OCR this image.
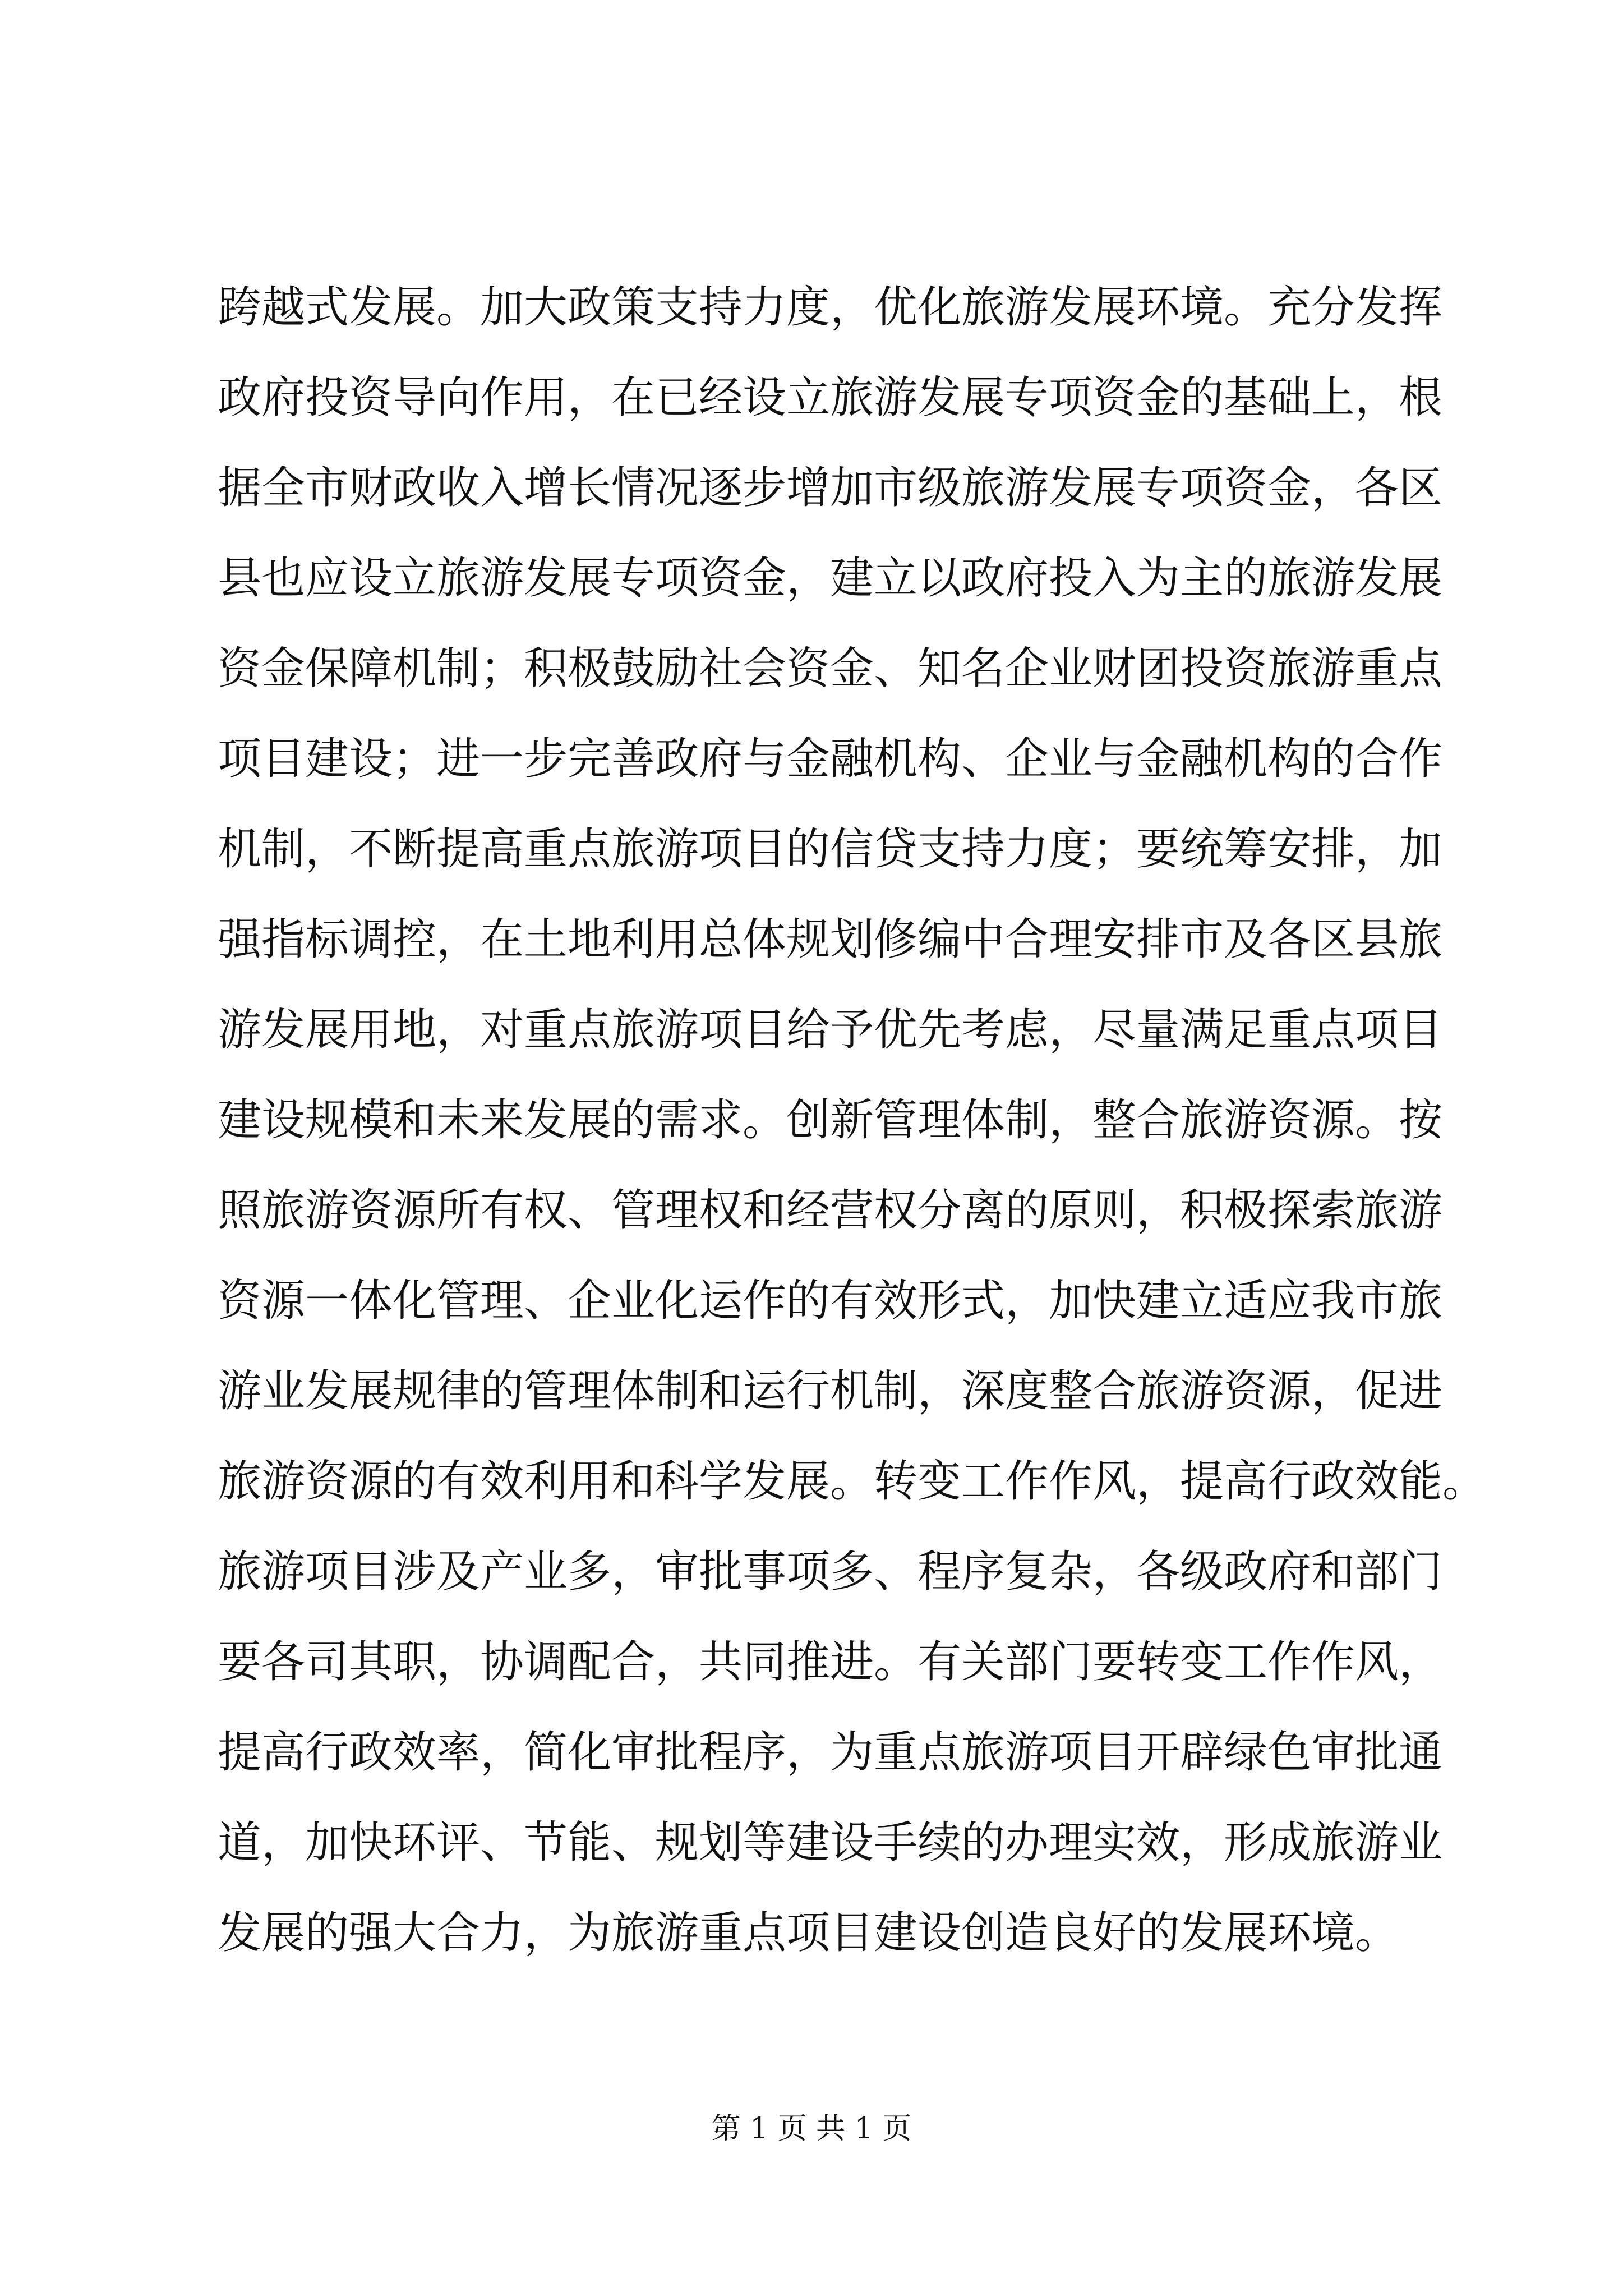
跨越式发展。加大政策支持力度，优化旅游发展环境。充分发挥
政府投资导向作用，在已经设立旅游发展专项资金的基础上，根
据全市财政收入增长情况逐步增加市级旅游发展专项资金，各区
县也应设立旅游发展专项资金，建立以政府投入为主的旅游发展
资金保障机制；积极鼓励社会资金、知名企业财团投资旅游重点
项目建设；进一步完善政府与金融机构、企业与金融机构的合作
机制，不断提高重点旅游项目的信贷支持力度；要统筹安排，加
强指标调控，在土地利用总体规划修编中合理安排市及各区县旅
游发展用地，对重点旅游项目给予优先考虑，尽量满足重点项目
建设规模和未来发展的需求。创新管理体制，整合旅游资源。按
照旅游资源所有权、管理权和经营权分离的原则，积极探索旅游
资源一体化管理、企业化运作的有效形式，加快建立适应我市旅
游业发展规律的管理体制和运行机制，深度整合旅游资源，促进
旅游资源的有效利用和科学发展。转变工作作风，提高行政效能。
旅游项目涉及产业多，审批事项多、程序复杂，各级政府和部门
要各司其职，协调配合，共同推进。有关部门要转变工作作风，
提高行政效率，简化审批程序，为重点旅游项目开辟绿色审批通
道，加快环评、节能、规划等建设手续的办理实效，形成旅游业
发展的强大合力，为旅游重点项目建设创造良好的发展环境。
第 1 页 共 1 页
